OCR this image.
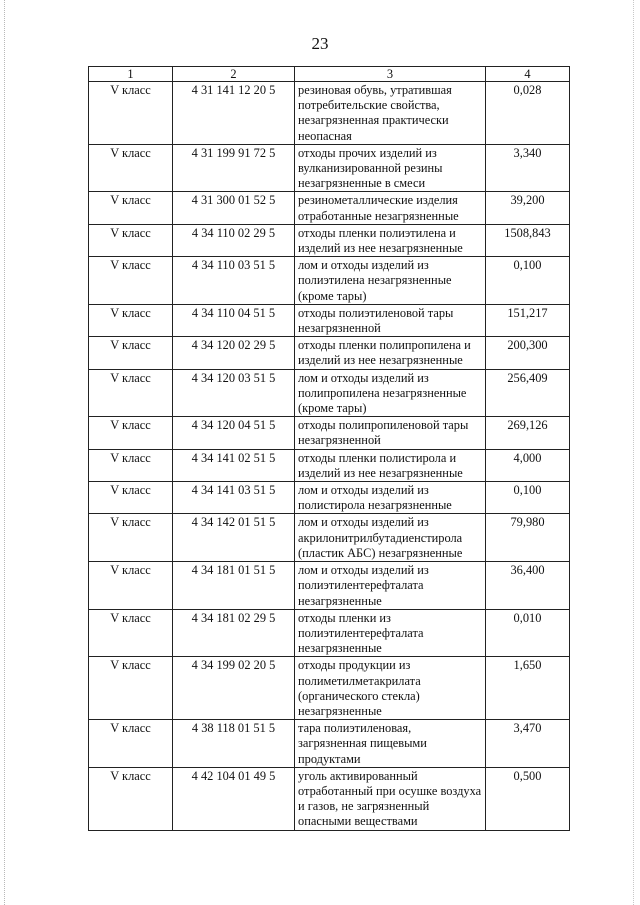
23
1	2	3	4
V класс	4 31 141 12 20 5	резиновая обувь, утратившая потребительские свойства, незагрязненная практически неопасная	0,028
V класс	4 31 199 91 72 5	отходы прочих изделий из вулканизированной резины незагрязненные в смеси	3,340
V класс	4 31 300 01 52 5	резинометаллические изделия отработанные незагрязненные	39,200
V класс	4 34 110 02 29 5	отходы пленки полиэтилена и изделий из нее незагрязненные	1508,843
V класс	4 34 110 03 51 5	лом и отходы изделий из полиэтилена незагрязненные (кроме тары)	0,100
V класс	4 34 110 04 51 5	отходы полиэтиленовой тары незагрязненной	151,217
V класс	4 34 120 02 29 5	отходы пленки полипропилена и изделий из нее незагрязненные	200,300
V класс	4 34 120 03 51 5	лом и отходы изделий из полипропилена незагрязненные (кроме тары)	256,409
V класс	4 34 120 04 51 5	отходы полипропиленовой тары незагрязненной	269,126
V класс	4 34 141 02 51 5	отходы пленки полистирола и изделий из нее незагрязненные	4,000
V класс	4 34 141 03 51 5	лом и отходы изделий из полистирола незагрязненные	0,100
V класс	4 34 142 01 51 5	лом и отходы изделий из акрилонитрилбутадиенстирола (пластик АБС) незагрязненные	79,980
V класс	4 34 181 01 51 5	лом и отходы изделий из полиэтилентерефталата незагрязненные	36,400
V класс	4 34 181 02 29 5	отходы пленки из полиэтилентерефталата незагрязненные	0,010
V класс	4 34 199 02 20 5	отходы продукции из полиметилметакрилата (органического стекла) незагрязненные	1,650
V класс	4 38 118 01 51 5	тара полиэтиленовая, загрязненная пищевыми продуктами	3,470
V класс	4 42 104 01 49 5	уголь активированный отработанный при осушке воздуха и газов, не загрязненный опасными веществами	0,500
